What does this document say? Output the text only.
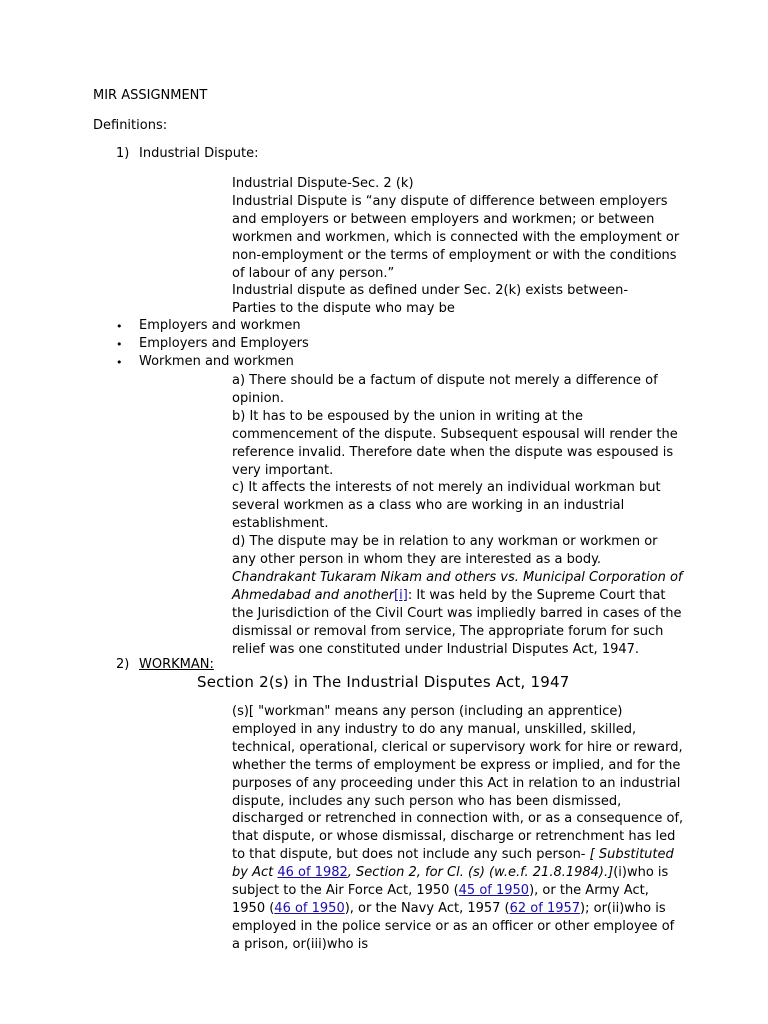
MIR ASSIGNMENT
Definitions:
1) Industrial Dispute:

Industrial Dispute-Sec. 2 (k)

Industrial Dispute is “any dispute of difference between employers and employers or between employers and workmen; or between workmen and workmen, which is connected with the employment or non-employment or the terms of employment or with the conditions of labour of any person.”

Industrial dispute as defined under Sec. 2(k) exists between-

Parties to the dispute who may be

• Employers and workmen
• Employers and Employers
• Workmen and workmen

a) There should be a factum of dispute not merely a difference of opinion.

b) It has to be espoused by the union in writing at the commencement of the dispute. Subsequent espousal will render the reference invalid. Therefore date when the dispute was espoused is very important.

c) It affects the interests of not merely an individual workman but several workmen as a class who are working in an industrial establishment.

d) The dispute may be in relation to any workman or workmen or any other person in whom they are interested as a body.

Chandrakant Tukaram Nikam and others vs. Municipal Corporation of Ahmedabad and another[i]: It was held by the Supreme Court that the Jurisdiction of the Civil Court was impliedly barred in cases of the dismissal or removal from service, The appropriate forum for such relief was one constituted under Industrial Disputes Act, 1947.

2) WORKMAN:
Section 2(s) in The Industrial Disputes Act, 1947

(s)[ "workman" means any person (including an apprentice) employed in any industry to do any manual, unskilled, skilled, technical, operational, clerical or supervisory work for hire or reward, whether the terms of employment be express or implied, and for the purposes of any proceeding under this Act in relation to an industrial dispute, includes any such person who has been dismissed, discharged or retrenched in connection with, or as a consequence of, that dispute, or whose dismissal, discharge or retrenchment has led to that dispute, but does not include any such person- [ Substituted by Act 46 of 1982, Section 2, for Cl. (s) (w.e.f. 21.8.1984).](i)who is subject to the Air Force Act, 1950 (45 of 1950), or the Army Act, 1950 (46 of 1950), or the Navy Act, 1957 (62 of 1957); or(ii)who is employed in the police service or as an officer or other employee of a prison, or(iii)who is
